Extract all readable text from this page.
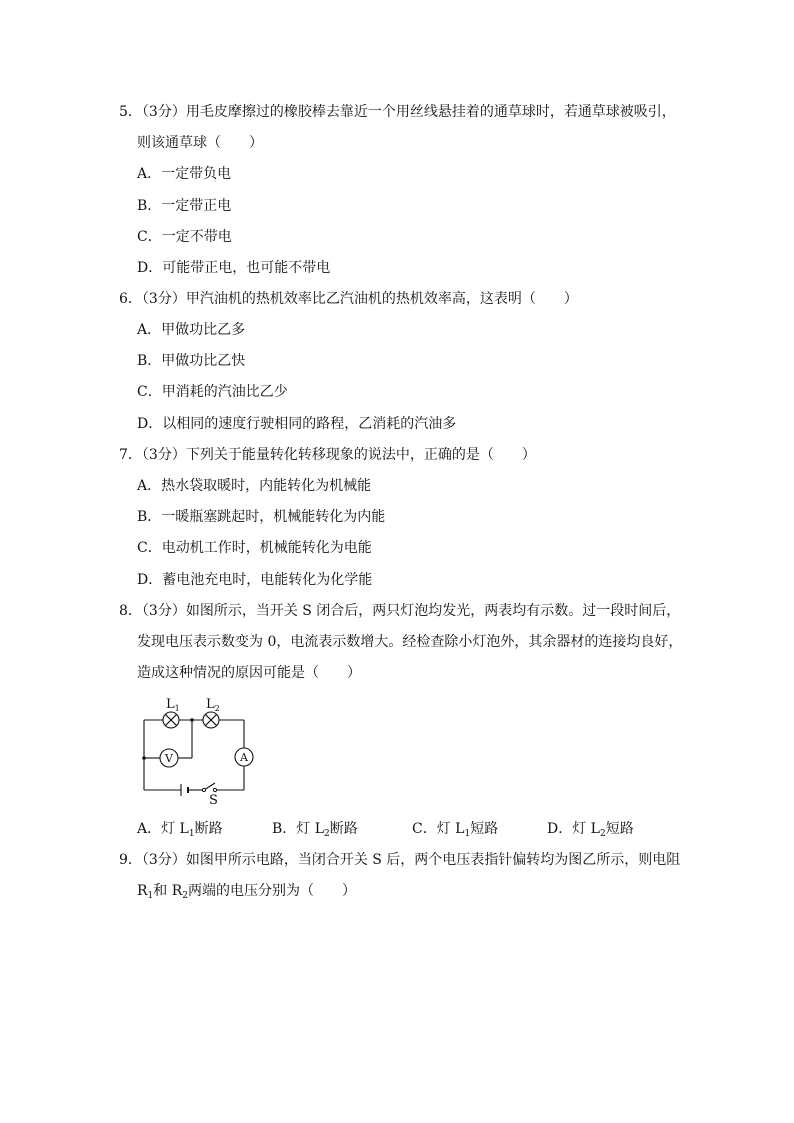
5．（3分）用毛皮摩擦过的橡胶棒去靠近一个用丝线悬挂着的通草球时，若通草球被吸引，
则该通草球（　　）
A．一定带负电
B．一定带正电
C．一定不带电
D．可能带正电，也可能不带电
6．（3分）甲汽油机的热机效率比乙汽油机的热机效率高，这表明（　　）
A．甲做功比乙多
B．甲做功比乙快
C．甲消耗的汽油比乙少
D．以相同的速度行驶相同的路程，乙消耗的汽油多
7．（3分）下列关于能量转化转移现象的说法中，正确的是（　　）
A．热水袋取暖时，内能转化为机械能
B．一暖瓶塞跳起时，机械能转化为内能
C．电动机工作时，机械能转化为电能
D．蓄电池充电时，电能转化为化学能
8．（3分）如图所示，当开关 S 闭合后，两只灯泡均发光，两表均有示数。过一段时间后，
发现电压表示数变为 0，电流表示数增大。经检查除小灯泡外，其余器材的连接均良好，
造成这种情况的原因可能是（　　）
$L_1$ $L_2$
V	A
S
A．灯 $L_1$断路	B．灯 $L_2$断路	C．灯 $L_1$短路	D．灯 $L_2$短路
9．（3分）如图甲所示电路，当闭合开关 S 后，两个电压表指针偏转均为图乙所示，则电阻
$R_1$和 $R_2$两端的电压分别为（　　）
